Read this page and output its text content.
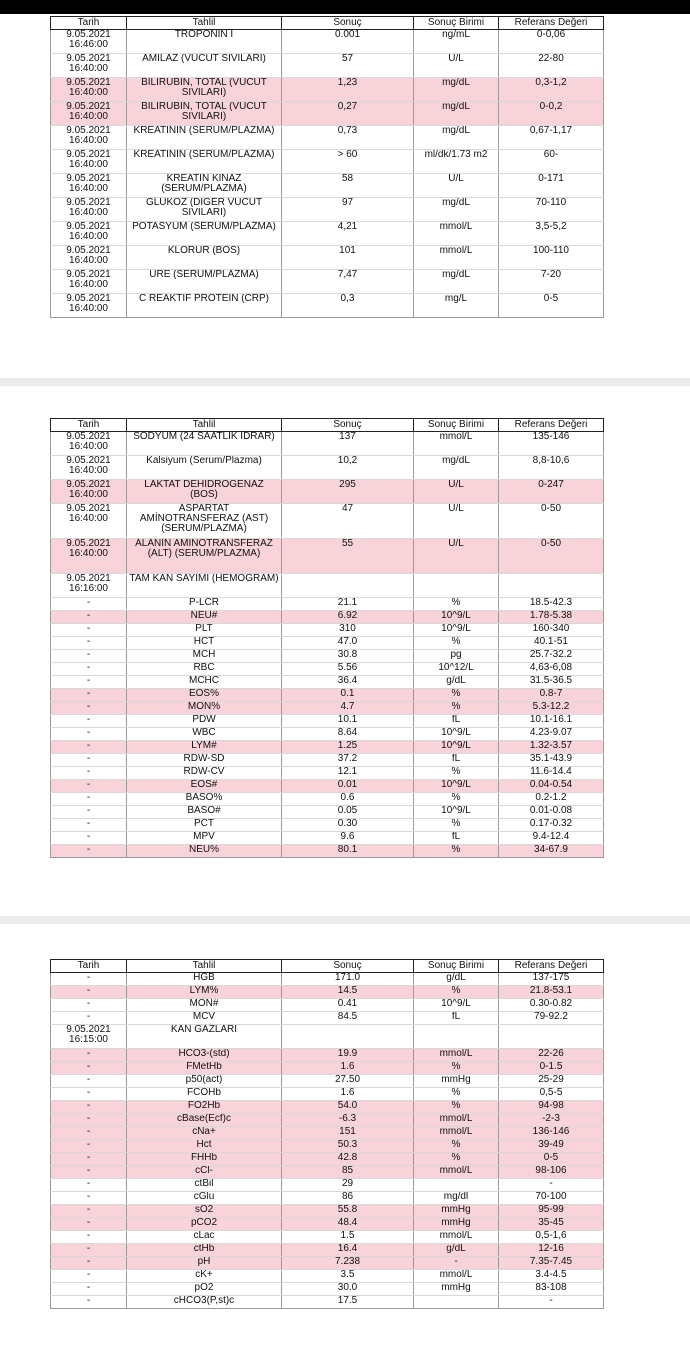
Tarih	Tahlil	Sonuç	Sonuç Birimi	Referans Değeri
9.05.2021 16:46:00	TROPONİN I	0.001	ng/mL	0-0,06
9.05.2021 16:40:00	AMİLAZ (VÜCUT SIVILARI)	57	U/L	22-80
9.05.2021 16:40:00	BİLİRUBİN, TOTAL (VÜCUT SIVILARI)	1,23	mg/dL	0,3-1,2
9.05.2021 16:40:00	BİLİRUBİN, TOTAL (VÜCUT SIVILARI)	0,27	mg/dL	0-0,2
9.05.2021 16:40:00	KREATİNİN (SERUM/PLAZMA)	0,73	mg/dL	0,67-1,17
9.05.2021 16:40:00	KREATİNİN (SERUM/PLAZMA)	> 60	ml/dk/1.73 m2	60-
9.05.2021 16:40:00	KREATİN KİNAZ (SERUM/PLAZMA)	58	U/L	0-171
9.05.2021 16:40:00	GLUKOZ (DİĞER VÜCUT SIVILARI)	97	mg/dL	70-110
9.05.2021 16:40:00	POTASYUM (SERUM/PLAZMA)	4,21	mmol/L	3,5-5,2
9.05.2021 16:40:00	KLORÜR (BOS)	101	mmol/L	100-110
9.05.2021 16:40:00	ÜRE (SERUM/PLAZMA)	7,47	mg/dL	7-20
9.05.2021 16:40:00	C REAKTİF PROTEİN (CRP)	0,3	mg/L	0-5
Tarih	Tahlil	Sonuç	Sonuç Birimi	Referans Değeri
9.05.2021 16:40:00	SODYUM (24 SAATLİK İDRAR)	137	mmol/L	135-146
9.05.2021 16:40:00	Kalsiyum (Serum/Plazma)	10,2	mg/dL	8,8-10,6
9.05.2021 16:40:00	LAKTAT DEHİDROGENAZ (BOS)	295	U/L	0-247
9.05.2021 16:40:00	ASPARTAT AMİNOTRANSFERAZ (AST) (SERUM/PLAZMA)	47	U/L	0-50
9.05.2021 16:40:00	ALANİN AMİNOTRANSFERAZ (ALT) (SERUM/PLAZMA)	55	U/L	0-50
9.05.2021 16:16:00	TAM KAN SAYIMI (HEMOGRAM)			
-	P-LCR	21.1	%	18.5-42.3
-	NEU#	6.92	10^9/L	1.78-5.38
-	PLT	310	10^9/L	160-340
-	HCT	47.0	%	40.1-51
-	MCH	30.8	pg	25.7-32.2
-	RBC	5.56	10^12/L	4,63-6,08
-	MCHC	36.4	g/dL	31.5-36.5
-	EOS%	0.1	%	0.8-7
-	MON%	4.7	%	5.3-12.2
-	PDW	10.1	fL	10.1-16.1
-	WBC	8.64	10^9/L	4.23-9.07
-	LYM#	1.25	10^9/L	1.32-3.57
-	RDW-SD	37.2	fL	35.1-43.9
-	RDW-CV	12.1	%	11.6-14.4
-	EOS#	0.01	10^9/L	0.04-0.54
-	BASO%	0.6	%	0.2-1.2
-	BASO#	0.05	10^9/L	0.01-0.08
-	PCT	0.30	%	0.17-0.32
-	MPV	9.6	fL	9.4-12.4
-	NEU%	80.1	%	34-67.9
Tarih	Tahlil	Sonuç	Sonuç Birimi	Referans Değeri
-	HGB	171.0	g/dL	137-175
-	LYM%	14.5	%	21.8-53.1
-	MON#	0.41	10^9/L	0.30-0.82
-	MCV	84.5	fL	79-92.2
9.05.2021 16:15:00	KAN GAZLARI			
-	HCO3-(std)	19.9	mmol/L	22-26
-	FMetHb	1.6	%	0-1.5
-	p50(act)	27.50	mmHg	25-29
-	FCOHb	1.6	%	0,5-5
-	FO2Hb	54.0	%	94-98
-	cBase(Ecf)c	-6.3	mmol/L	-2-3
-	cNa+	151	mmol/L	136-146
-	Hct	50.3	%	39-49
-	FHHb	42.8	%	0-5
-	cCl-	85	mmol/L	98-106
-	ctBil	29		-
-	cGlu	86	mg/dl	70-100
-	sO2	55.8	mmHg	95-99
-	pCO2	48.4	mmHg	35-45
-	cLac	1.5	mmol/L	0,5-1,6
-	ctHb	16.4	g/dL	12-16
-	pH	7.238	-	7.35-7.45
-	cK+	3.5	mmol/L	3.4-4.5
-	pO2	30.0	mmHg	83-108
-	cHCO3(P,st)c	17.5		-
